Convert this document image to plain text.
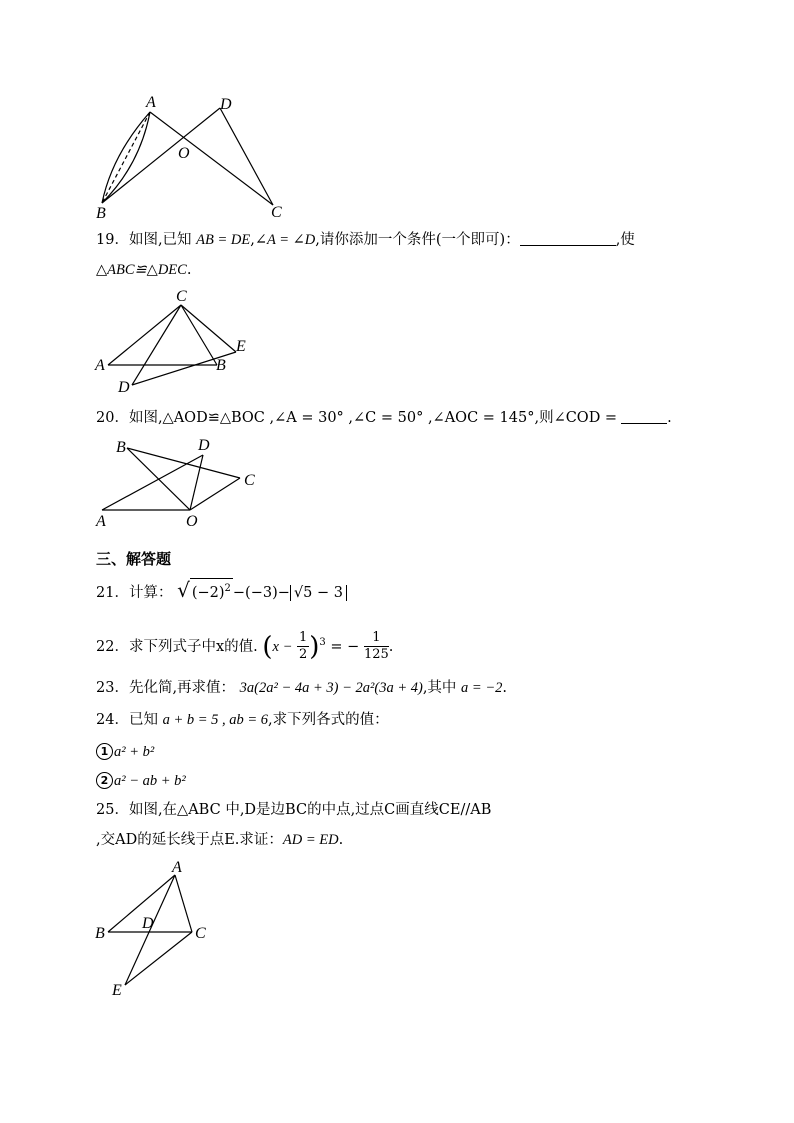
A	D
O
B	C
19．如图,已知 AB = DE,∠A = ∠D,请你添加一个条件(一个即可)：	,使
△ABC≌△DEC.
C
E
A	B
D
20．如图,△AOD≌△BOC ,∠A = 30° ,∠C = 50° ,∠AOC = 145°,则∠COD =	.
B	D
C
A	O
三、解答题
21．计算： √ $(-2)^2 -(-3)- √5 - 3$
22．求下列式子中x的值. $(x - \frac{1}{2} )^3$ = − $\frac{1}{125}$ .
23．先化简,再求值： 3a(2a² − 4a + 3) − 2a²(3a + 4),其中 a = −2.
24．已知 a + b = 5 , ab = 6,求下列各式的值：
1 a² + b²
2 a² − ab + b²
25．如图,在△ABC 中,D是边BC的中点,过点C画直线CE//AB
,交AD的延长线于点E.求证：AD = ED.
A
B
D
C
E
